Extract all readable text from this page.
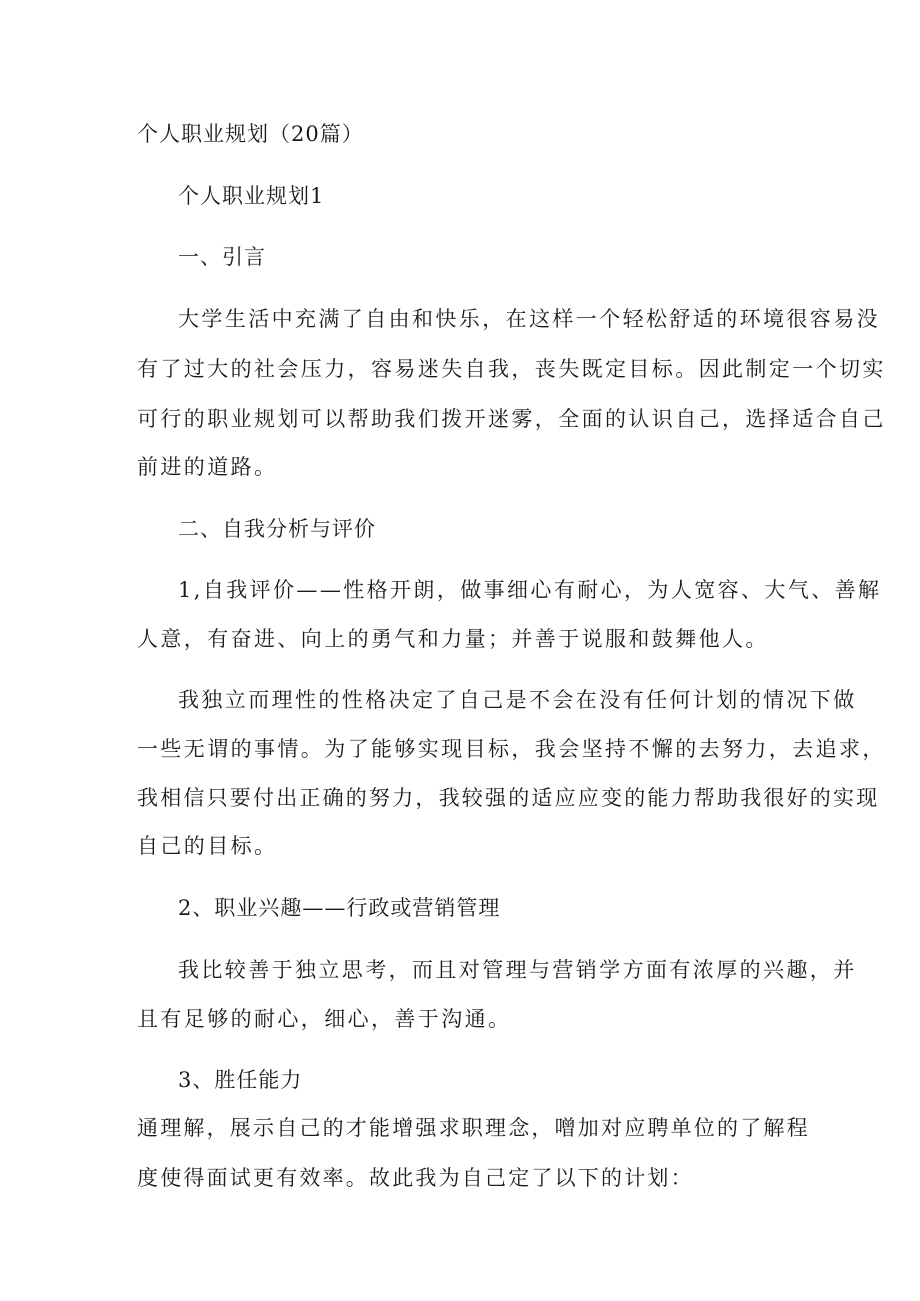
个人职业规划（20篇）
个人职业规划1
一、引言
大学生活中充满了自由和快乐，在这样一个轻松舒适的环境很容易没
有了过大的社会压力，容易迷失自我，丧失既定目标。因此制定一个切实
可行的职业规划可以帮助我们拨开迷雾，全面的认识自己，选择适合自己
前进的道路。
二、自我分析与评价
1,自我评价——性格开朗，做事细心有耐心，为人宽容、大气、善解
人意，有奋进、向上的勇气和力量；并善于说服和鼓舞他人。
我独立而理性的性格决定了自己是不会在没有任何计划的情况下做
一些无谓的事情。为了能够实现目标，我会坚持不懈的去努力，去追求，
我相信只要付出正确的努力，我较强的适应应变的能力帮助我很好的实现
自己的目标。
2、职业兴趣——行政或营销管理
我比较善于独立思考，而且对管理与营销学方面有浓厚的兴趣，并
且有足够的耐心，细心，善于沟通。
3、胜任能力
通理解，展示自己的才能增强求职理念，噌加对应聘单位的了解程
度使得面试更有效率。故此我为自己定了以下的计划：
